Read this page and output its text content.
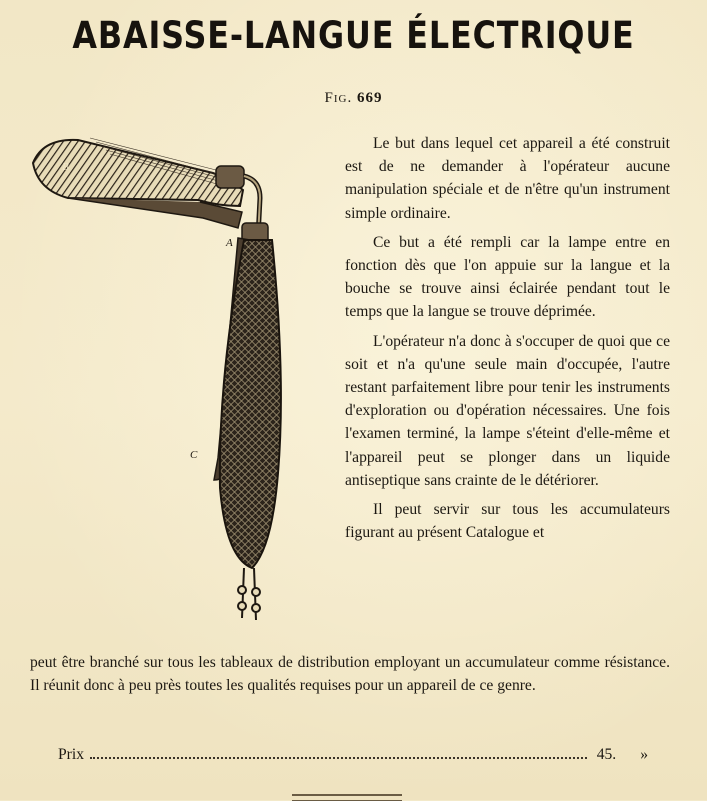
ABAISSE-LANGUE ÉLECTRIQUE
Fig. 669
B
A
C

Le but dans lequel cet appareil a été construit est de ne demander à l'opérateur aucune manipulation spéciale et de n'être qu'un instrument simple ordinaire.

Ce but a été rempli car la lampe entre en fonction dès que l'on appuie sur la langue et la bouche se trouve ainsi éclairée pendant tout le temps que la langue se trouve déprimée.

L'opérateur n'a donc à s'occuper de quoi que ce soit et n'a qu'une seule main d'occupée, l'autre restant parfaitement libre pour tenir les instruments d'exploration ou d'opération nécessaires. Une fois l'examen terminé, la lampe s'éteint d'elle-même et l'appareil peut se plonger dans un liquide antiseptique sans crainte de le détériorer.

Il peut servir sur tous les accumulateurs figurant au présent Catalogue et

peut être branché sur tous les tableaux de distribution employant un accumulateur comme résistance. Il réunit donc à peu près toutes les qualités requises pour un appareil de ce genre.
Prix	45. »
